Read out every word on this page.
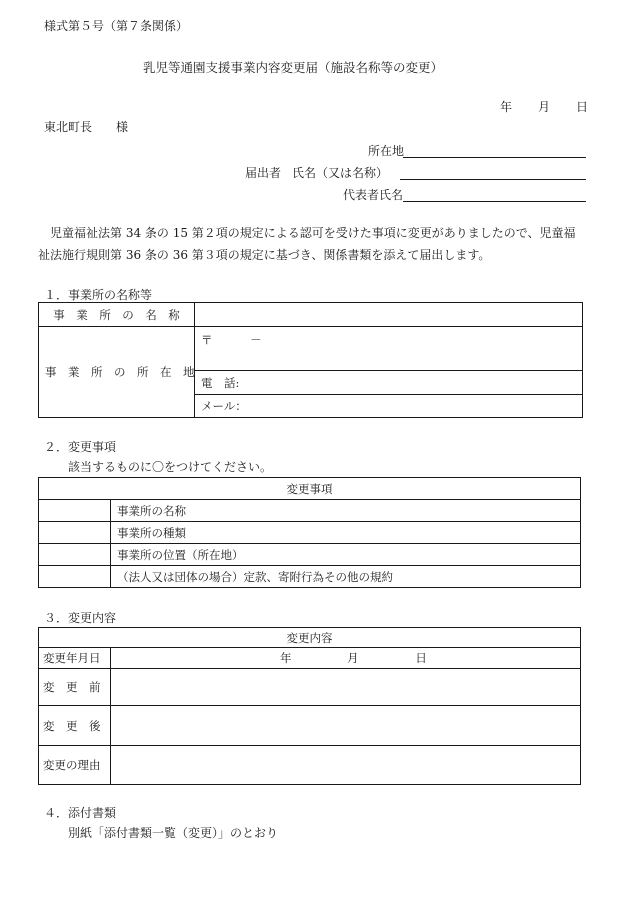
様式第５号（第７条関係）
乳児等通園支援事業内容変更届（施設名称等の変更）
年 月 日
東北町長　　様
所在地
届出者 氏名（又は名称）
代表者氏名
児童福祉法第 34 条の 15 第２項の規定による認可を受けた事項に変更がありましたので、児童福祉法施行規則第 36 条の 36 第３項の規定に基づき、関係書類を添えて届出します。
１．事業所の名称等
事　業　所　の　名　称	
事　業　所　の　所　在　地	〒 －
	電　話:
	メール：
２．変更事項
該当するものに〇をつけてください。
変更事項	
	事業所の名称
	事業所の種類
	事業所の位置（所在地）
	（法人又は団体の場合）定款、寄附行為その他の規約
３．変更内容
変更内容	
変更年月日	年 月 日
変　更　前	
変　更　後	
変更の理由	
４．添付書類
別紙「添付書類一覧（変更）」のとおり
